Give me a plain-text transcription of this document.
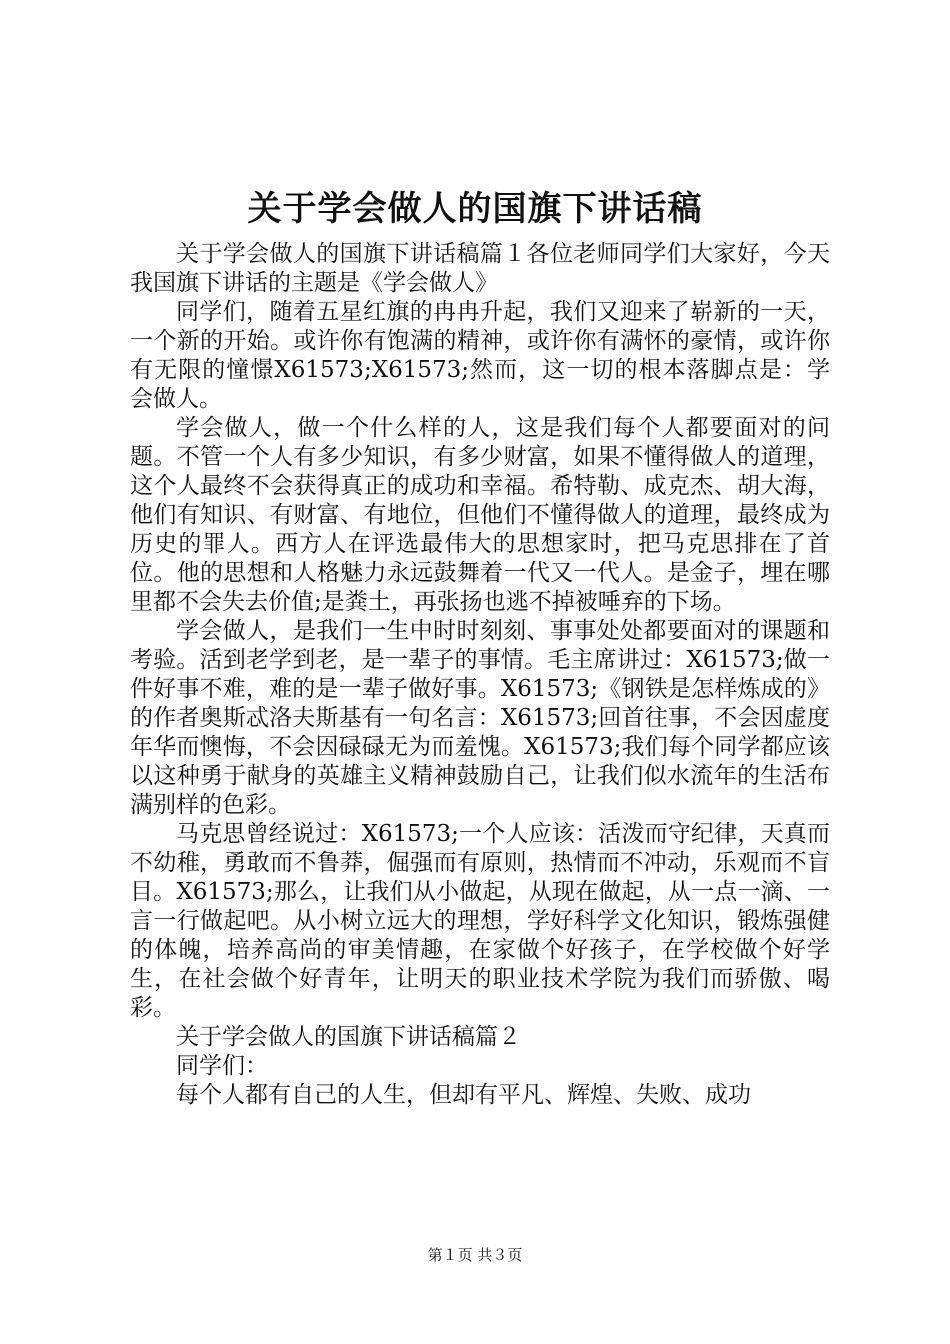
关于学会做人的国旗下讲话稿

关于学会做人的国旗下讲话稿篇１各位老师同学们大家好，今天我国旗下讲话的主题是《学会做人》

同学们，随着五星红旗的冉冉升起，我们又迎来了崭新的一天，一个新的开始。或许你有饱满的精神，或许你有满怀的豪情，或许你有无限的憧憬X61573;X61573;然而，这一切的根本落脚点是：学会做人。

学会做人，做一个什么样的人，这是我们每个人都要面对的问题。不管一个人有多少知识，有多少财富，如果不懂得做人的道理，这个人最终不会获得真正的成功和幸福。希特勒、成克杰、胡大海，他们有知识、有财富、有地位，但他们不懂得做人的道理，最终成为历史的罪人。西方人在评选最伟大的思想家时，把马克思排在了首位。他的思想和人格魅力永远鼓舞着一代又一代人。是金子，埋在哪里都不会失去价值;是粪土，再张扬也逃不掉被唾弃的下场。

学会做人，是我们一生中时时刻刻、事事处处都要面对的课题和考验。活到老学到老，是一辈子的事情。毛主席讲过：X61573;做一件好事不难，难的是一辈子做好事。X61573;《钢铁是怎样炼成的》的作者奥斯忒洛夫斯基有一句名言：X61573;回首往事，不会因虚度年华而懊悔，不会因碌碌无为而羞愧。X61573;我们每个同学都应该以这种勇于献身的英雄主义精神鼓励自己，让我们似水流年的生活布满别样的色彩。

马克思曾经说过：X61573;一个人应该：活泼而守纪律，天真而不幼稚，勇敢而不鲁莽，倔强而有原则，热情而不冲动，乐观而不盲目。X61573;那么，让我们从小做起，从现在做起，从一点一滴、一言一行做起吧。从小树立远大的理想，学好科学文化知识，锻炼强健的体魄，培养高尚的审美情趣，在家做个好孩子，在学校做个好学生，在社会做个好青年，让明天的职业技术学院为我们而骄傲、喝彩。

关于学会做人的国旗下讲话稿篇２

同学们：

每个人都有自己的人生，但却有平凡、辉煌、失败、成功

第１页 共３页
